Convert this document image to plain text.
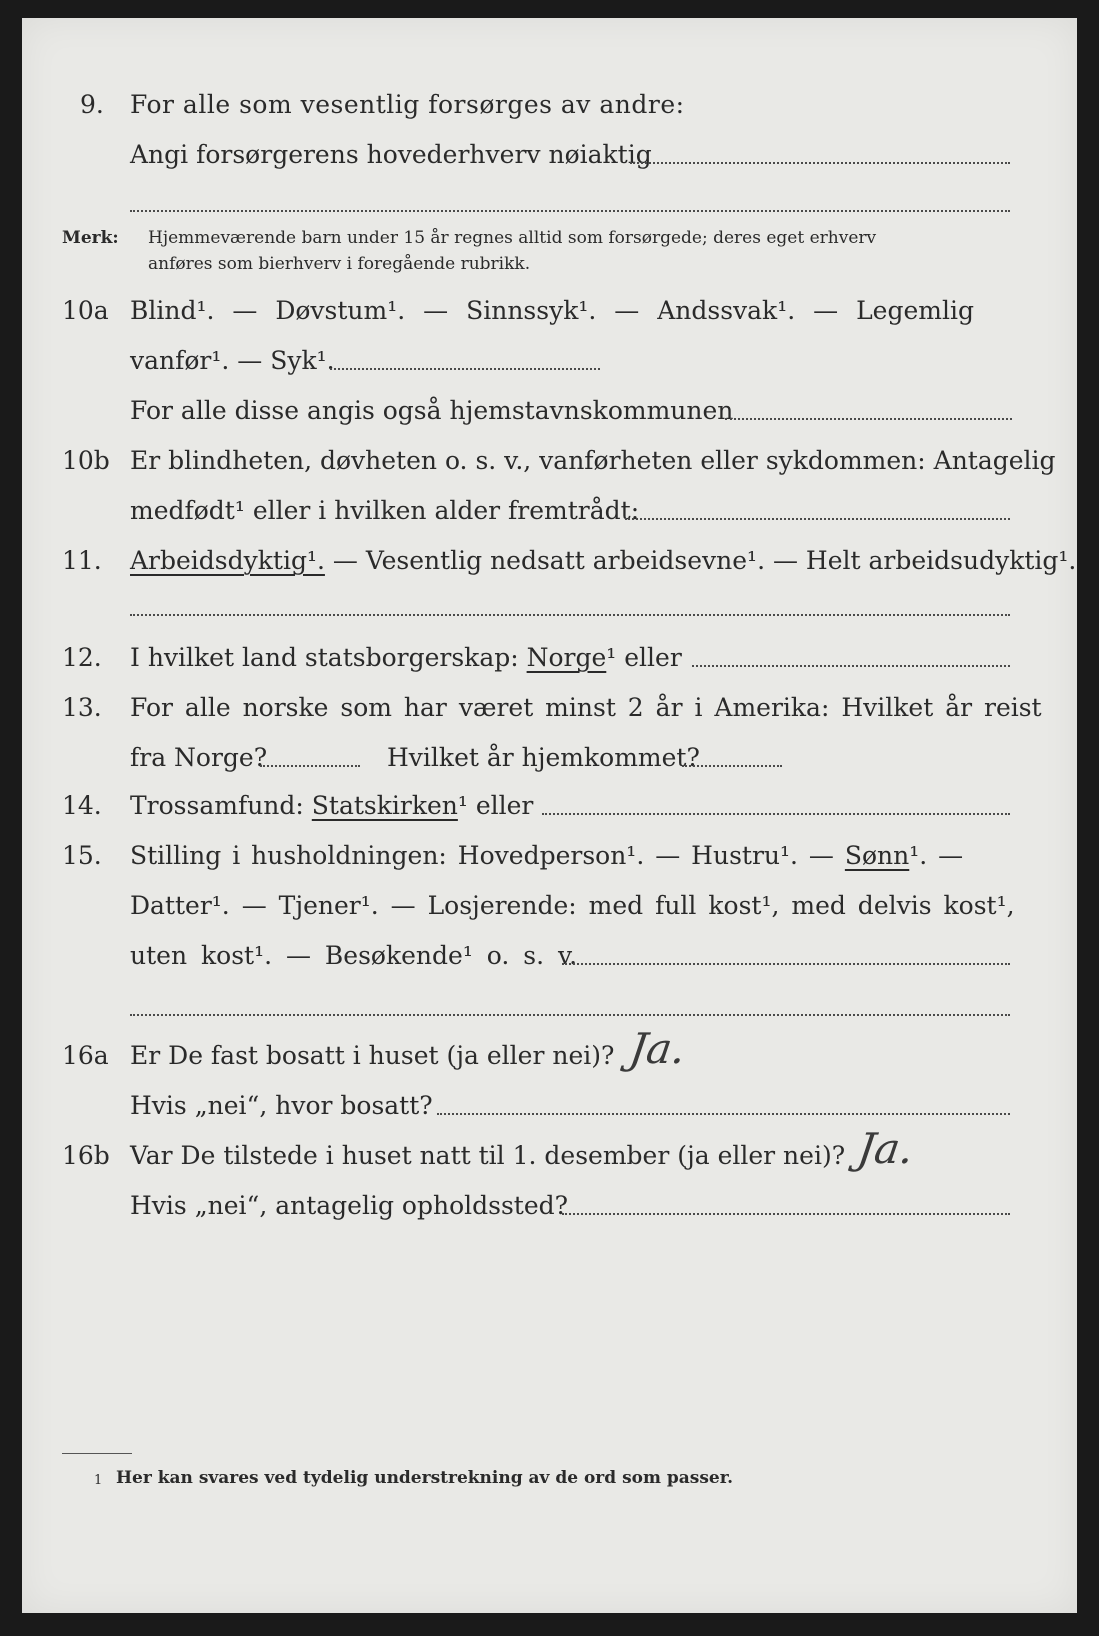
9. For alle som vesentlig forsørges av andre:
Angi forsørgerens hovederhverv nøiaktig
Merk: Hjemmeværende barn under 15 år regnes alltid som forsørgede; deres eget erhverv
anføres som bierhverv i foregående rubrikk.
10a Blind¹. — Døvstum¹. — Sinnssyk¹. — Andssvak¹. — Legemlig
vanfør¹. — Syk¹.
For alle disse angis også hjemstavnskommunen
10b Er blindheten, døvheten o. s. v., vanførheten eller sykdommen: Antagelig
medfødt¹ eller i hvilken alder fremtrådt:
11. Arbeidsdyktig¹. — Vesentlig nedsatt arbeidsevne¹. — Helt arbeidsudyktig¹.
12. I hvilket land statsborgerskap: Norge¹ eller
13. For alle norske som har været minst 2 år i Amerika: Hvilket år reist
fra Norge?	Hvilket år hjemkommet?
14. Trossamfund: Statskirken¹ eller
15. Stilling i husholdningen: Hovedperson¹. — Hustru¹. — Sønn¹. —
Datter¹. — Tjener¹. — Losjerende: med full kost¹, med delvis kost¹,
uten kost¹. — Besøkende¹ o. s. v.
16a Er De fast bosatt i huset (ja eller nei)? Ja.
Hvis „nei“, hvor bosatt?
16b Var De tilstede i huset natt til 1. desember (ja eller nei)? Ja.
Hvis „nei“, antagelig opholdssted?
1 Her kan svares ved tydelig understrekning av de ord som passer.
